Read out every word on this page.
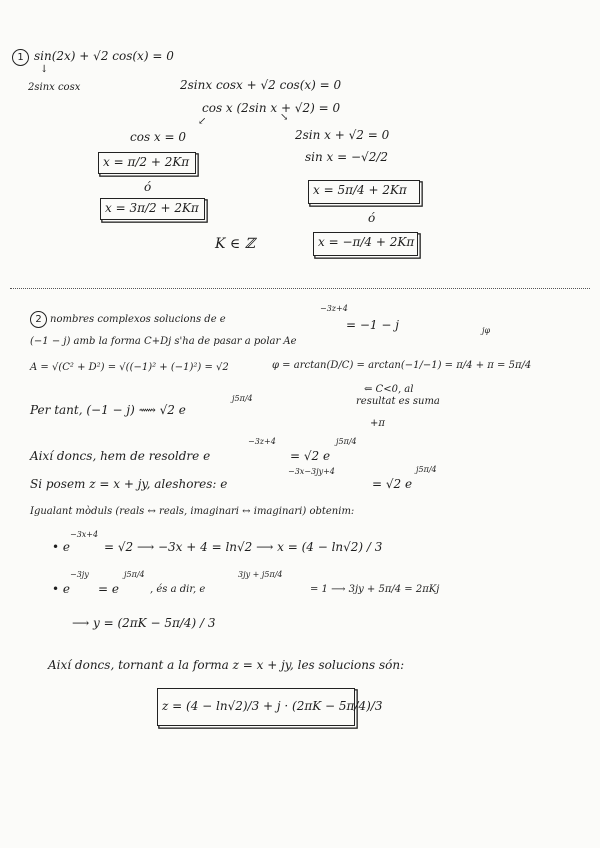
1 sin(2x) + √2 cos(x) = 0
↓
2sinx cosx	2sinx cosx + √2 cos(x) = 0
cos x (2sin x + √2) = 0
↙	↘
cos x = 0
x = π/2 + 2Kπ
ó
x = 3π/2 + 2Kπ
K ∈ ℤ
2sin x + √2 = 0
sin x = −√2/2
x = 5π/4 + 2Kπ
ó
x = −π/4 + 2Kπ
2 nombres complexos solucions de e
−3z+4
= −1 − j
(−1 − j) amb la forma C+Dj s'ha de pasar a polar Ae
jφ
A = √(C² + D²) = √((−1)² + (−1)²) = √2	φ = arctan(D/C) = arctan(−1/−1) = π/4 + π = 5π/4
⇐ C<0, al
resultat es suma
+π
Per tant, (−1 − j) ⟿ √2 e
j5π/4
Així doncs, hem de resoldre e
−3z+4
= √2 e
j5π/4
Si posem z = x + jy, aleshores: e
−3x−3jy+4
= √2 e
j5π/4
Igualant mòduls (reals ↔ reals, imaginari ↔ imaginari) obtenim:
• e
−3x+4
= √2 ⟶ −3x + 4 = ln√2 ⟶ x = (4 − ln√2) / 3
• e
−3jy
= e
j5π/4
, és a dir, e
3jy + j5π/4
= 1 ⟶ 3jy + 5π/4 = 2πKj
⟶ y = (2πK − 5π/4) / 3
Així doncs, tornant a la forma z = x + jy, les solucions són:
z = (4 − ln√2)/3 + j · (2πK − 5π/4)/3
